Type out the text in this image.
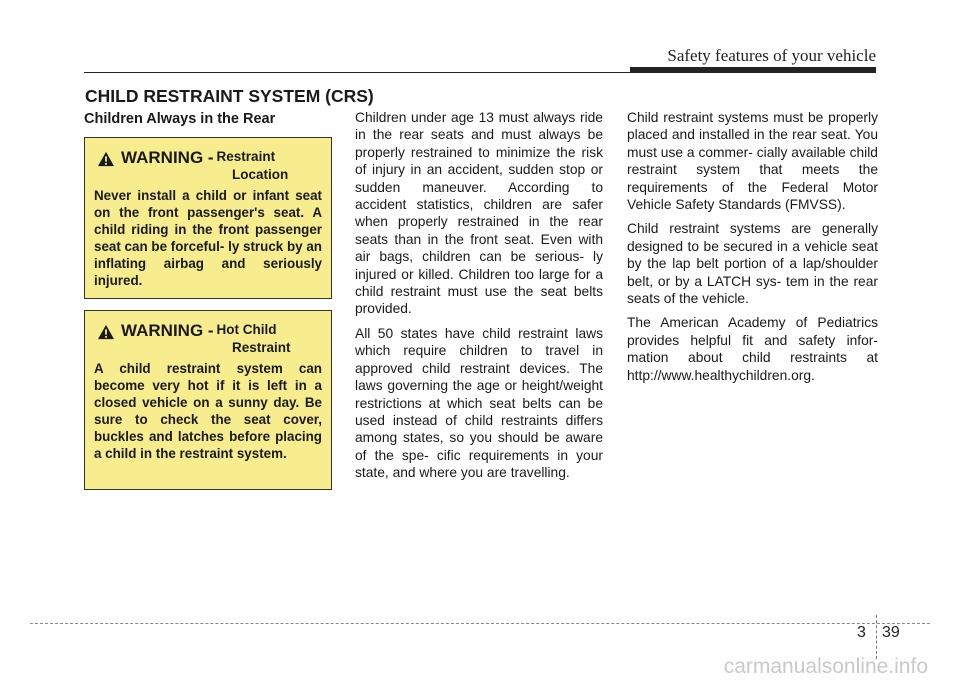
Safety features of your vehicle
CHILD RESTRAINT SYSTEM (CRS)
Children Always in the Rear
WARNING - Restraint
Location
Never install a child or infant seat on the front passenger's seat. A child riding in the front passenger seat can be forceful- ly struck by an inflating airbag and seriously injured.
WARNING - Hot Child
Restraint
A child restraint system can become very hot if it is left in a closed vehicle on a sunny day. Be sure to check the seat cover, buckles and latches before placing a child in the restraint system.

Children under age 13 must always ride in the rear seats and must always be properly restrained to minimize the risk of injury in an accident, sudden stop or sudden maneuver. According to accident statistics, children are safer when properly restrained in the rear seats than in the front seat. Even with air bags, children can be serious- ly injured or killed. Children too large for a child restraint must use the seat belts provided.

All 50 states have child restraint laws which require children to travel in approved child restraint devices. The laws governing the age or height/weight restrictions at which seat belts can be used instead of child restraints differs among states, so you should be aware of the spe- cific requirements in your state, and where you are travelling.

Child restraint systems must be properly placed and installed in the rear seat. You must use a commer- cially available child restraint system that meets the requirements of the Federal Motor Vehicle Safety Standards (FMVSS).

Child restraint systems are generally designed to be secured in a vehicle seat by the lap belt portion of a lap/shoulder belt, or by a LATCH sys- tem in the rear seats of the vehicle.

The American Academy of Pediatrics provides helpful fit and safety infor- mation about child restraints at http://www.healthychildren.org.

3 39
carmanualsonline.info
